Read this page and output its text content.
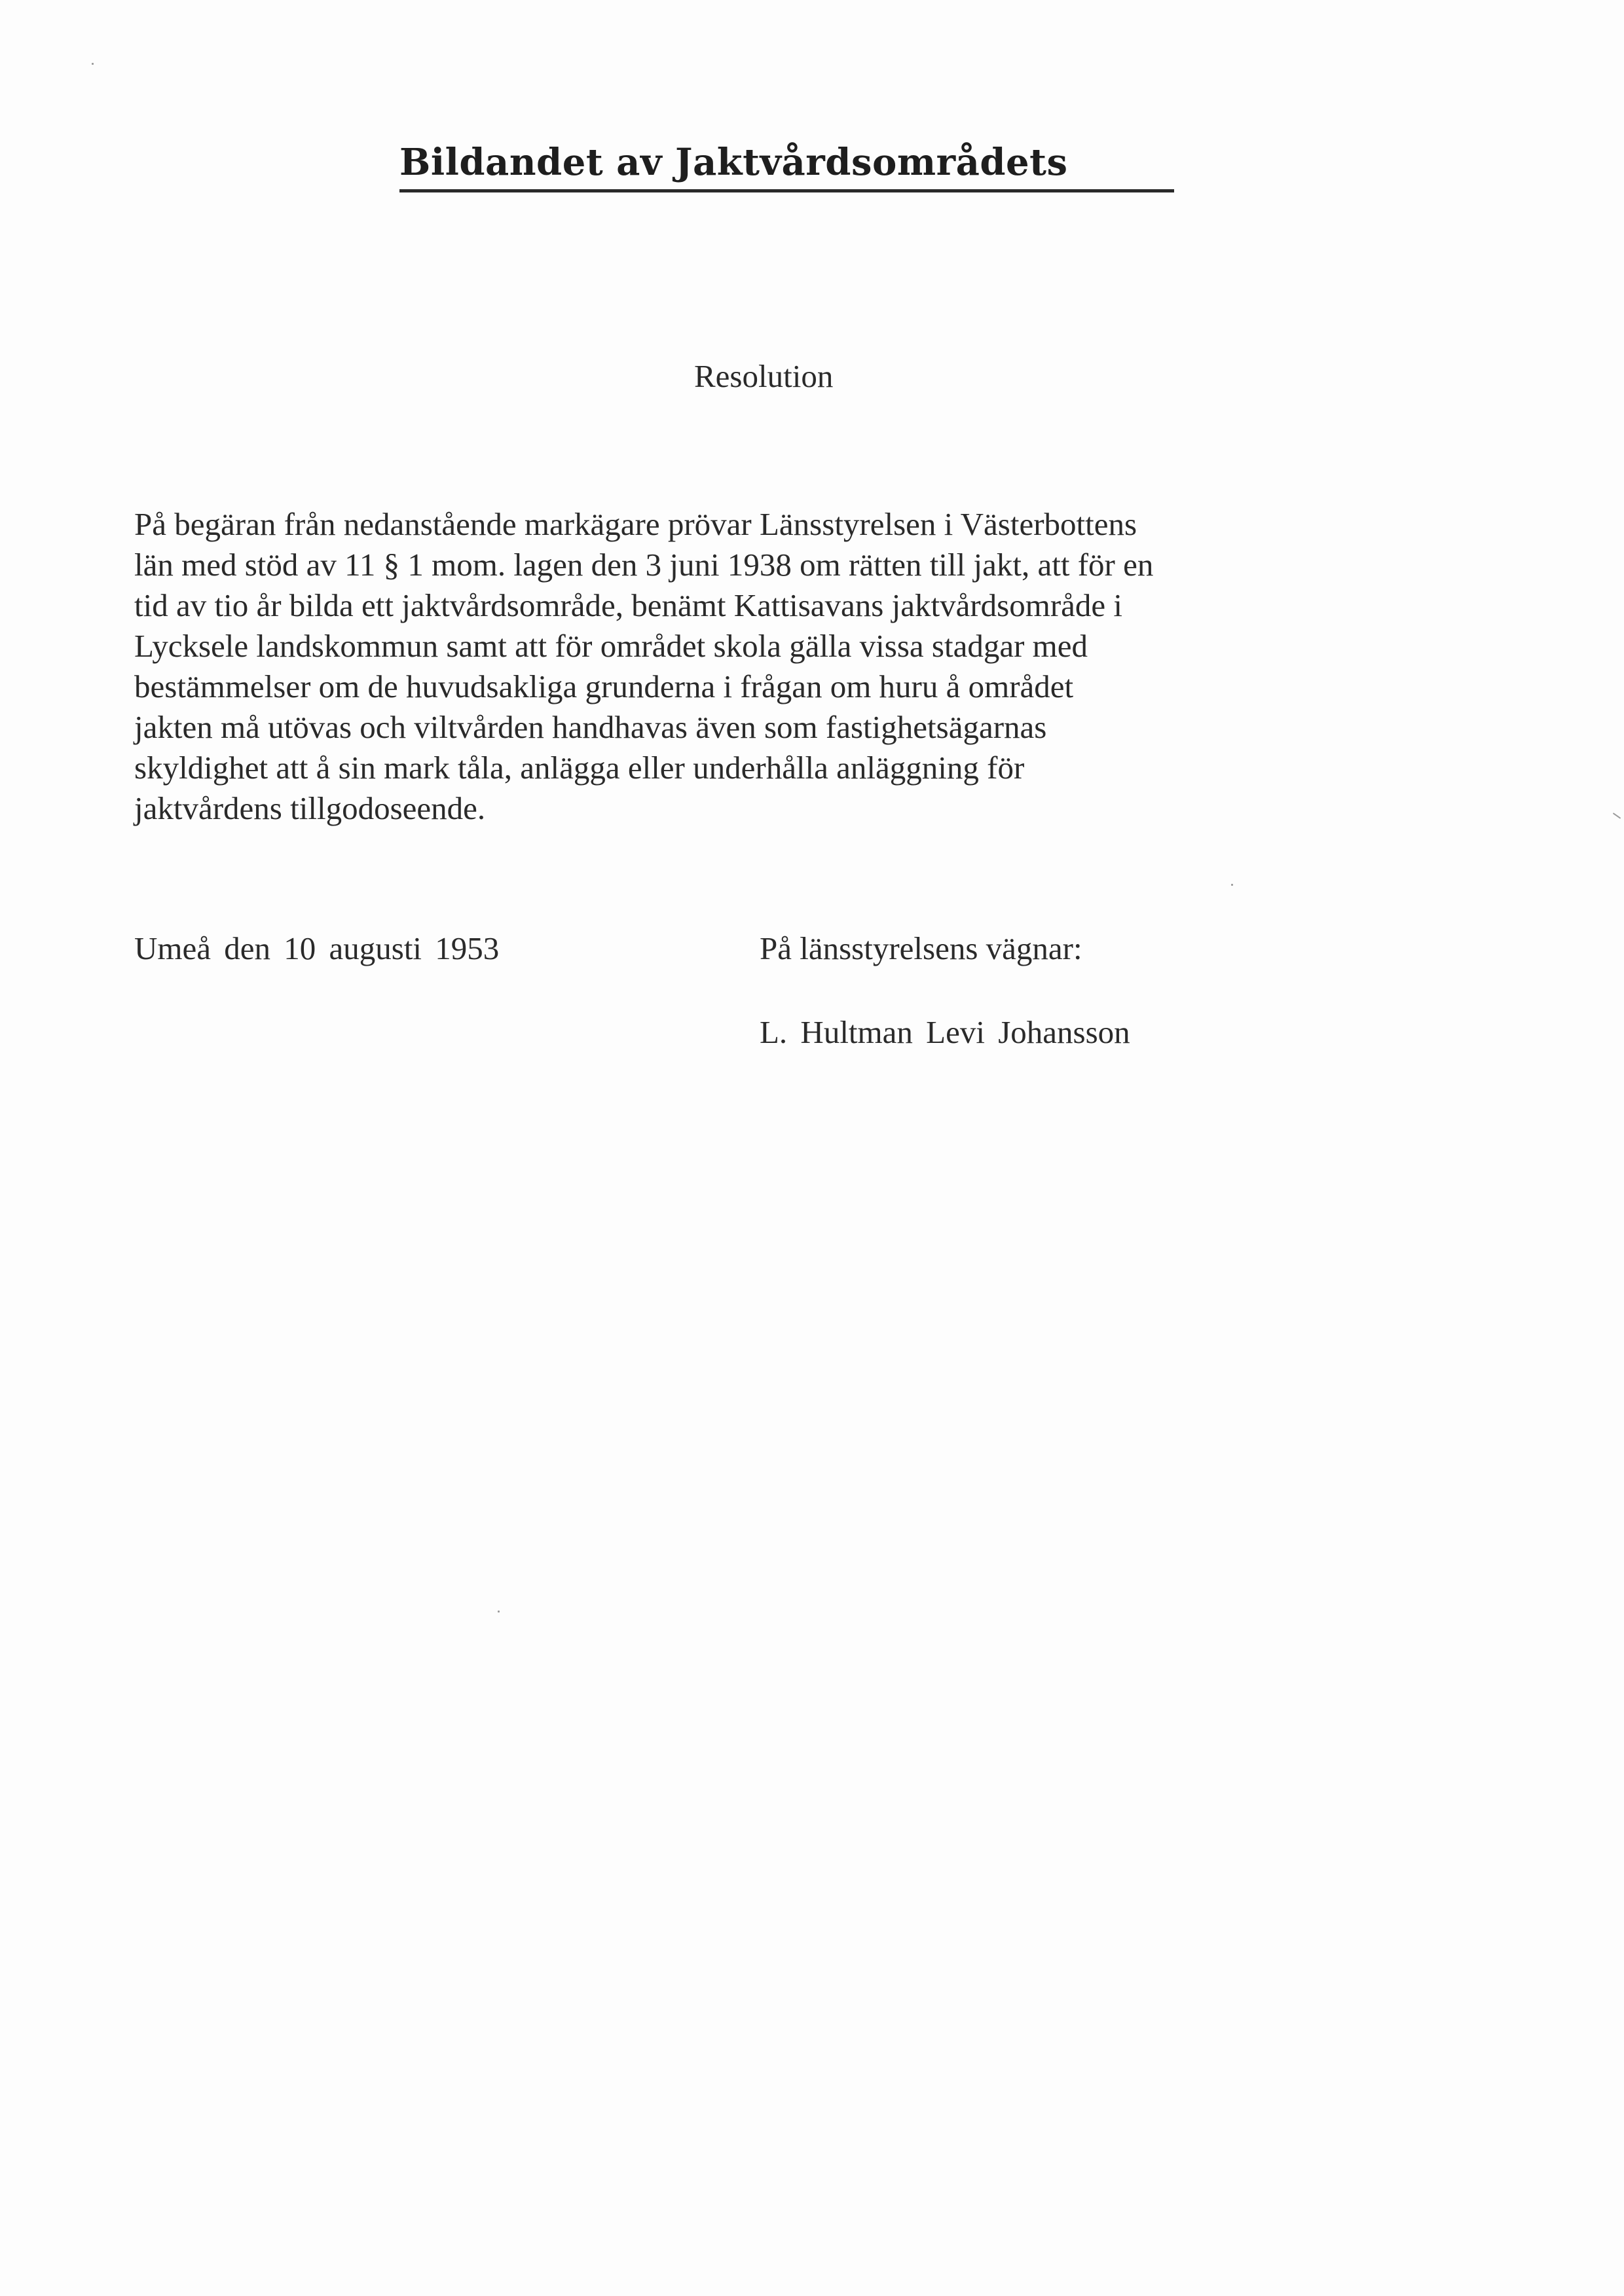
Bildandet av Jaktvårdsområdets
Resolution

På begäran från nedanstående markägare prövar Länsstyrelsen i Västerbottens
län med stöd av 11 § 1 mom. lagen den 3 juni 1938 om rätten till jakt, att för en
tid av tio år bilda ett jaktvårdsområde, benämt Kattisavans jaktvårdsområde i
Lycksele landskommun samt att för området skola gälla vissa stadgar med
bestämmelser om de huvudsakliga grunderna i frågan om huru å området
jakten må utövas och viltvården handhavas även som fastighetsägarnas
skyldighet att å sin mark tåla, anlägga eller underhålla anläggning för
jaktvårdens tillgodoseende.

Umeå den 10 augusti 1953	På länsstyrelsens vägnar:

L. Hultman Levi Johansson
